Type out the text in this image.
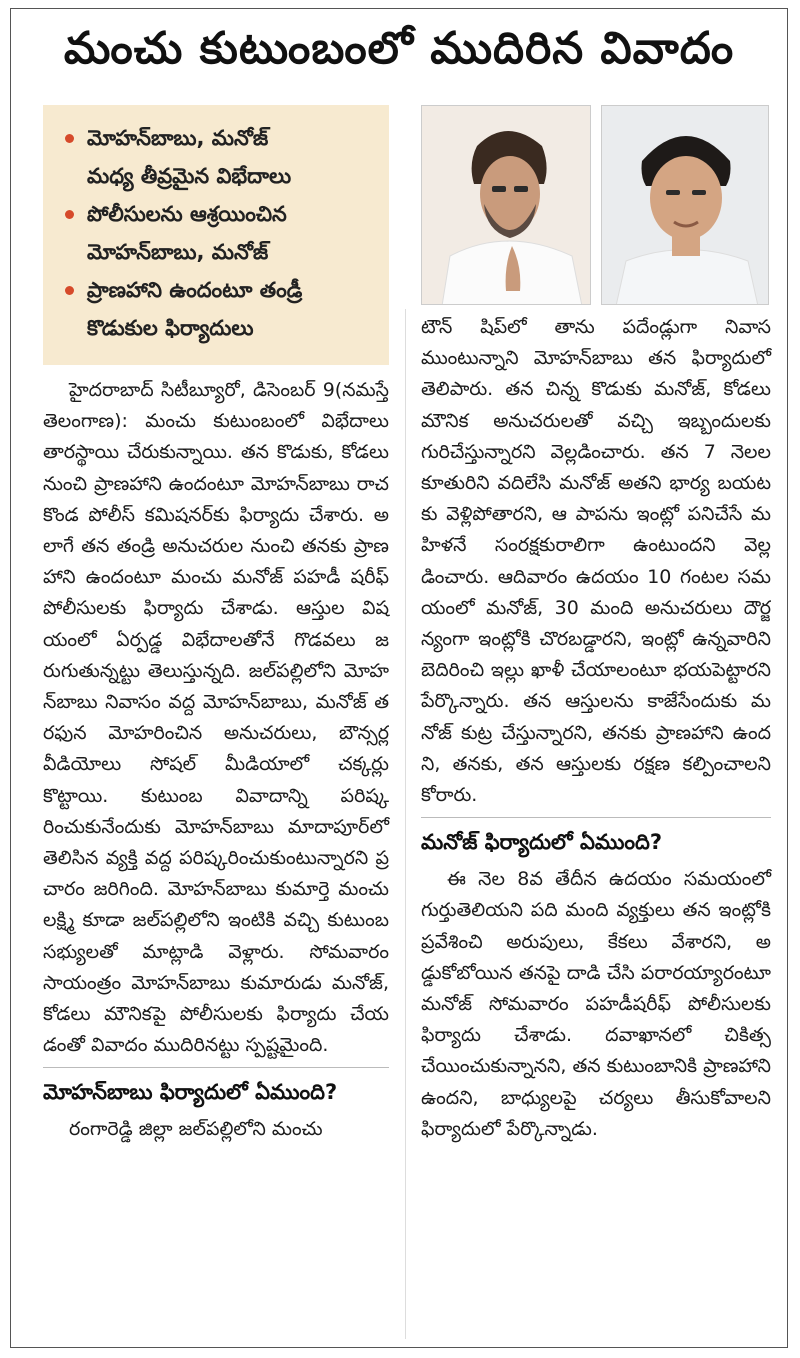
మంచు కుటుంబంలో ముదిరిన వివాదం
మోహన్‌బాబు, మనోజ్
మధ్య తీవ్రమైన విభేదాలు
పోలీసులను ఆశ్రయించిన
మోహన్‌బాబు, మనోజ్
ప్రాణహాని ఉందంటూ తండ్రీ
కొడుకుల ఫిర్యాదులు

హైదరాబాద్ సిటీబ్యూరో, డిసెంబర్ 9(నమస్తే తెలంగాణ): మంచు కుటుంబంలో విభేదాలు తారస్థాయి చేరుకున్నాయి. తన కొడుకు, కోడలు నుంచి ప్రాణహాని ఉందంటూ మోహన్‌బాబు రాచకొండ పోలీస్ కమిషనర్‌కు ఫిర్యాదు చేశారు. అలాగే తన తండ్రి అనుచరుల నుంచి తనకు ప్రాణహాని ఉందంటూ మంచు మనోజ్ పహడీ షరీఫ్ పోలీసులకు ఫిర్యాదు చేశాడు. ఆస్తుల విషయంలో ఏర్పడ్డ విభేదాలతోనే గొడవలు జరుగుతున్నట్టు తెలుస్తున్నది. జల్‌పల్లిలోని మోహన్‌బాబు నివాసం వద్ద మోహన్‌బాబు, మనోజ్ తరఫున మోహరించిన అనుచరులు, బౌన్సర్ల వీడియోలు సోషల్ మీడియాలో చక్కర్లు కొట్టాయి. కుటుంబ వివాదాన్ని పరిష్కరించుకునేందుకు మోహన్‌బాబు మాదాపూర్‌లో తెలిసిన వ్యక్తి వద్ద పరిష్కరించుకుంటున్నారని ప్రచారం జరిగింది. మోహన్‌బాబు కుమార్తె మంచు లక్ష్మి కూడా జల్‌పల్లిలోని ఇంటికి వచ్చి కుటుంబ సభ్యులతో మాట్లాడి వెళ్లారు. సోమవారం సాయంత్రం మోహన్‌బాబు కుమారుడు మనోజ్, కోడలు మౌనికపై పోలీసులకు ఫిర్యాదు చేయడంతో వివాదం ముదిరినట్టు స్పష్టమైంది.

మోహన్‌బాబు ఫిర్యాదులో ఏముంది?

రంగారెడ్డి జిల్లా జల్‌పల్లిలోని మంచు

టౌన్ షిప్‌లో తాను పదేండ్లుగా నివాసముంటున్నాని మోహన్‌బాబు తన ఫిర్యాదులో తెలిపారు. తన చిన్న కొడుకు మనోజ్, కోడలు మౌనిక అనుచరులతో వచ్చి ఇబ్బందులకు గురిచేస్తున్నారని వెల్లడించారు. తన 7 నెలల కూతురిని వదిలేసి మనోజ్ అతని భార్య బయటకు వెళ్లిపోతారని, ఆ పాపను ఇంట్లో పనిచేసే మహిళనే సంరక్షకురాలిగా ఉంటుందని వెల్లడించారు. ఆదివారం ఉదయం 10 గంటల సమయంలో మనోజ్, 30 మంది అనుచరులు దౌర్జన్యంగా ఇంట్లోకి చొరబడ్డారని, ఇంట్లో ఉన్నవారిని బెదిరించి ఇల్లు ఖాళీ చేయాలంటూ భయపెట్టారని పేర్కొన్నారు. తన ఆస్తులను కాజేసేందుకు మనోజ్ కుట్ర చేస్తున్నారని, తనకు ప్రాణహాని ఉందని, తనకు, తన ఆస్తులకు రక్షణ కల్పించాలని కోరారు.

మనోజ్ ఫిర్యాదులో ఏముంది?

ఈ నెల 8వ తేదీన ఉదయం సమయంలో గుర్తుతెలియని పది మంది వ్యక్తులు తన ఇంట్లోకి ప్రవేశించి అరుపులు, కేకలు వేశారని, అడ్డుకోబోయిన తనపై దాడి చేసి పరారయ్యారంటూ మనోజ్ సోమవారం పహడీషరీఫ్ పోలీసులకు ఫిర్యాదు చేశాడు. దవాఖానలో చికిత్స చేయించుకున్నానని, తన కుటుంబానికి ప్రాణహాని ఉందని, బాధ్యులపై చర్యలు తీసుకోవాలని ఫిర్యాదులో పేర్కొన్నాడు.
